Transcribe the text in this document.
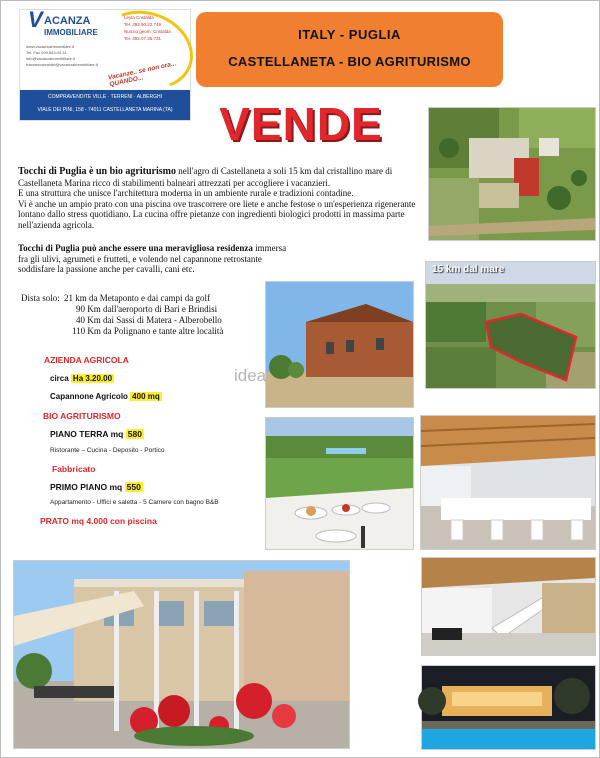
V ACANZA
IMMOBILIARE
www.vacanzaimmobiliare.it
Tel. Fax 099.843.04.31
info@vacanzaimmobiliare.it
francescoleandri@vacanzaimmobiliare.it
Leyla Cristalda
Tel. 392.90.22.749
Nunzio geom. Cristalda
Tel. 392.07.35.731
Vacanze.. se non ora... QUANDO...
COMPRAVENDITE VILLE · TERRENI · ALBERGHI
VIALE DEI PINI, 158 - 74011 CASTELLANETA MARINA (TA)
ITALY - PUGLIA
CASTELLANETA - BIO AGRITURISMO
VENDE
Tocchi di Puglia è un bio agriturismo nell'agro di Castellaneta a soli 15 km dal cristallino mare di Castellaneta Marina ricco di stabilimenti balneari attrezzati per accogliere i vacanzieri.
E una struttura che unisce l'architettura moderna in un ambiente rurale e tradizioni contadine.
Vi è anche un ampio prato con una piscina ove trascorrere ore liete e anche festose o un'esperienza rigenerante lontano dallo stress quotidiano. La cucina offre pietanze con ingredienti biologici prodotti in massima parte nell'azienda agricola.
Tocchi di Puglia può anche essere una meravigliosa residenza immersa fra gli ulivi, agrumeti e frutteti, e volendo nel capannone retrostante soddisfare la passione anche per cavalli, cani etc.
Dista solo: 21 km da Metaponto e dai campi da golf
90 Km dall'aeroporto di Bari e Brindisi
40 Km dai Sassi di Matera - Alberobello
110 Km da Polignano e tante altre località
AZIENDA AGRICOLA
circa Ha 3.20.00
Capannone Agricolo 400 mq
BIO AGRITURISMO
PIANO TERRA mq 580
Ristorante – Cucina - Deposito - Portico
Fabbricato
PRIMO PIANO mq 550
Appartamento - Uffici e saletta - 5 Camere con bagno B&B
PRATO mq 4.000 con piscina
15 km dal mare
idea
